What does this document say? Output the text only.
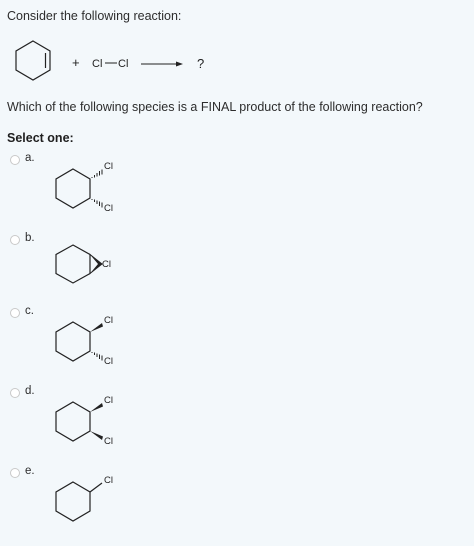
Consider the following reaction:
+ Cl Cl	?
Which of the following species is a FINAL product of the following reaction?
Select one:
a.
Cl
Cl
b.
Cl
c.
Cl
Cl
d.
Cl
Cl
e.
Cl
